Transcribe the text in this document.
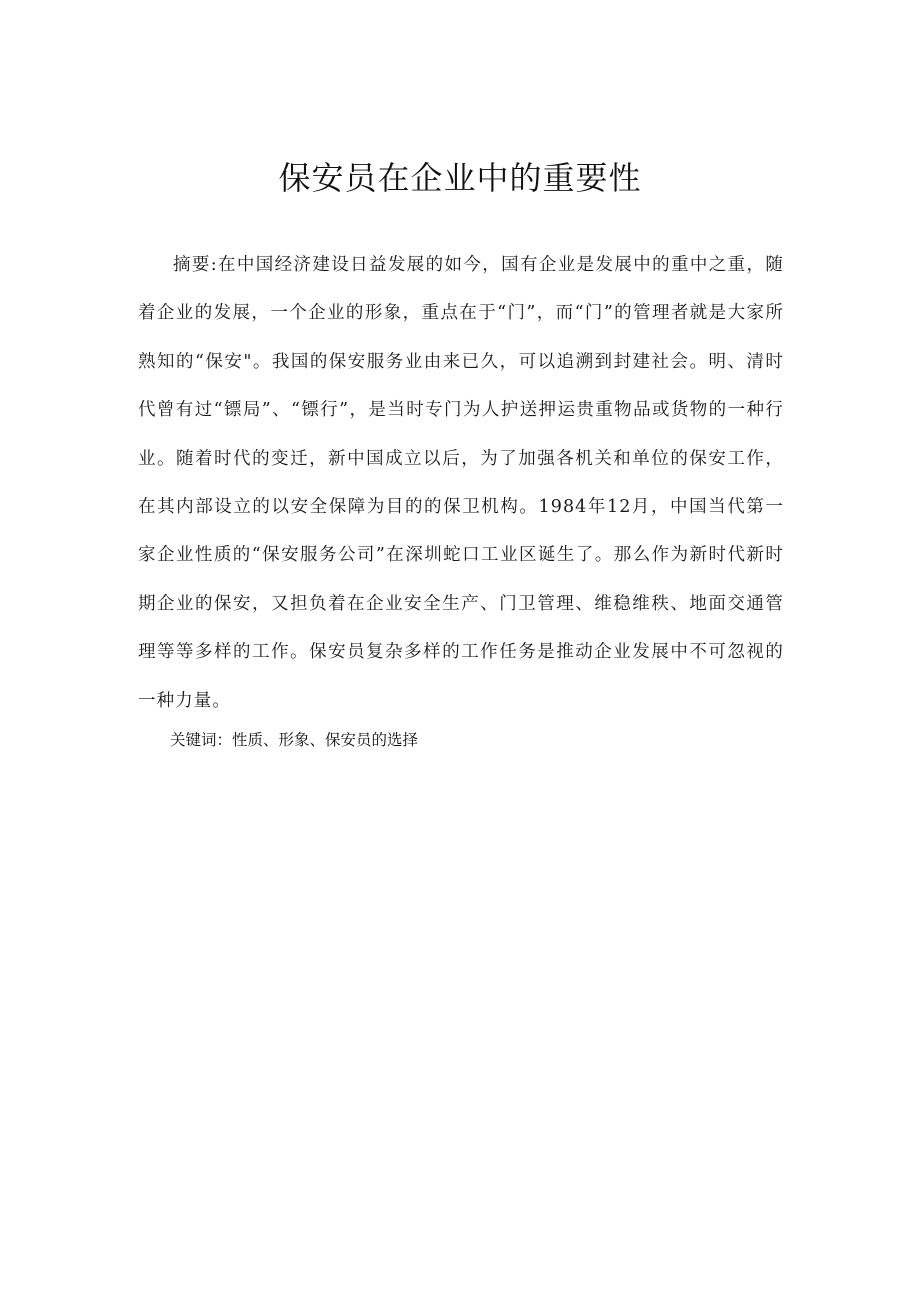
保安员在企业中的重要性

摘要:在中国经济建设日益发展的如今，国有企业是发展中的重中之重，随着企业的发展，一个企业的形象，重点在于“门”，而“门”的管理者就是大家所熟知的“保安"。我国的保安服务业由来已久，可以追溯到封建社会。明、清时代曾有过“镖局”、“镖行”，是当时专门为人护送押运贵重物品或货物的一种行业。随着时代的变迁，新中国成立以后，为了加强各机关和单位的保安工作，在其内部设立的以安全保障为目的的保卫机构。1984年12月，中国当代第一家企业性质的“保安服务公司”在深圳蛇口工业区诞生了。那么作为新时代新时期企业的保安，又担负着在企业安全生产、门卫管理、维稳维秩、地面交通管理等等多样的工作。保安员复杂多样的工作任务是推动企业发展中不可忽视的一种力量。

关键词：性质、形象、保安员的选择
